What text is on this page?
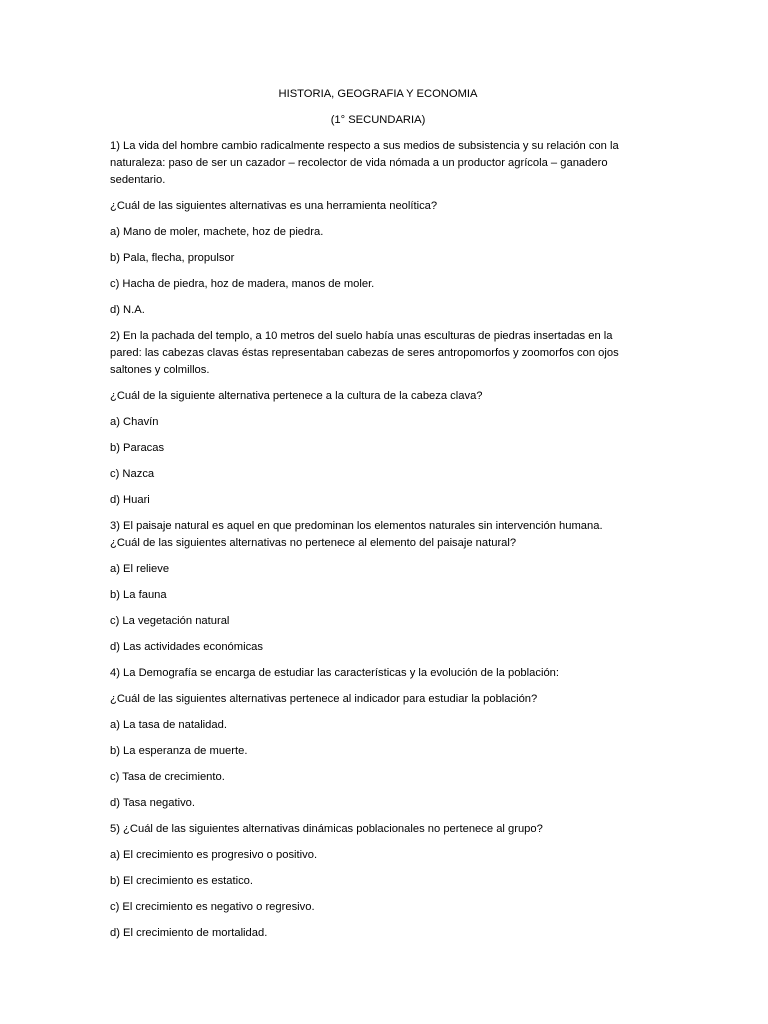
HISTORIA, GEOGRAFIA Y ECONOMIA
(1° SECUNDARIA)
1) La vida del hombre cambio radicalmente respecto a sus medios de subsistencia y su relación con la naturaleza: paso de ser un cazador – recolector de vida nómada a un productor agrícola – ganadero sedentario.
¿Cuál de las siguientes alternativas es una herramienta neolítica?
a) Mano de moler, machete, hoz de piedra.
b) Pala, flecha, propulsor
c) Hacha de piedra, hoz de madera, manos de moler.
d) N.A.
2) En la pachada del templo, a 10 metros del suelo había unas esculturas de piedras insertadas en la pared: las cabezas clavas éstas representaban cabezas de seres antropomorfos y zoomorfos con ojos saltones y colmillos.
¿Cuál de la siguiente alternativa pertenece a la cultura de la cabeza clava?
a) Chavín
b) Paracas
c) Nazca
d) Huari
3) El paisaje natural es aquel en que predominan los elementos naturales sin intervención humana.
¿Cuál de las siguientes alternativas no pertenece al elemento del paisaje natural?
a) El relieve
b) La fauna
c) La vegetación natural
d) Las actividades económicas
4) La Demografía se encarga de estudiar las características y la evolución de la población:
¿Cuál de las siguientes alternativas pertenece al indicador para estudiar la población?
a) La tasa de natalidad.
b) La esperanza de muerte.
c) Tasa de crecimiento.
d) Tasa negativo.
5) ¿Cuál de las siguientes alternativas dinámicas poblacionales no pertenece al grupo?
a) El crecimiento es progresivo o positivo.
b) El crecimiento es estatico.
c) El crecimiento es negativo o regresivo.
d) El crecimiento de mortalidad.
